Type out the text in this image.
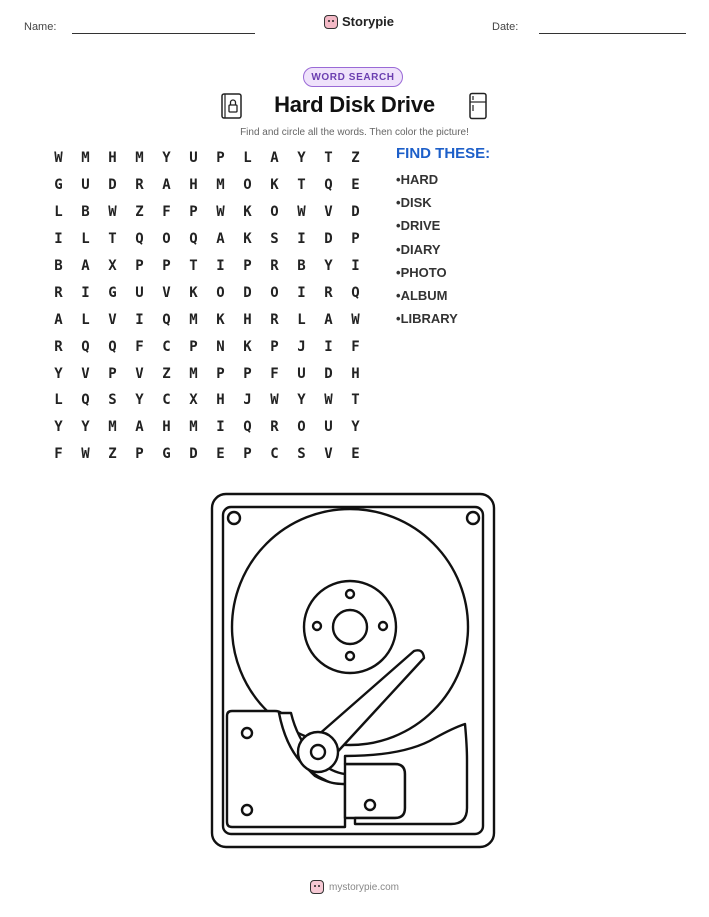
Name:	Storypie	Date:
WORD SEARCH
Hard Disk Drive
Find and circle all the words. Then color the picture!
W	M	H	M	Y	U	P	L	A	Y	T	Z
G	U	D	R	A	H	M	O	K	T	Q	E
L	B	W	Z	F	P	W	K	O	W	V	D
I	L	T	Q	O	Q	A	K	S	I	D	P
B	A	X	P	P	T	I	P	R	B	Y	I
R	I	G	U	V	K	O	D	O	I	R	Q
A	L	V	I	Q	M	K	H	R	L	A	W
R	Q	Q	F	C	P	N	K	P	J	I	F
Y	V	P	V	Z	M	P	P	F	U	D	H
L	Q	S	Y	C	X	H	J	W	Y	W	T
Y	Y	M	A	H	M	I	Q	R	O	U	Y
F	W	Z	P	G	D	E	P	C	S	V	E
FIND THESE:
• HARD
• DISK
• DRIVE
• DIARY
• PHOTO
• ALBUM
• LIBRARY
mystorypie.com
